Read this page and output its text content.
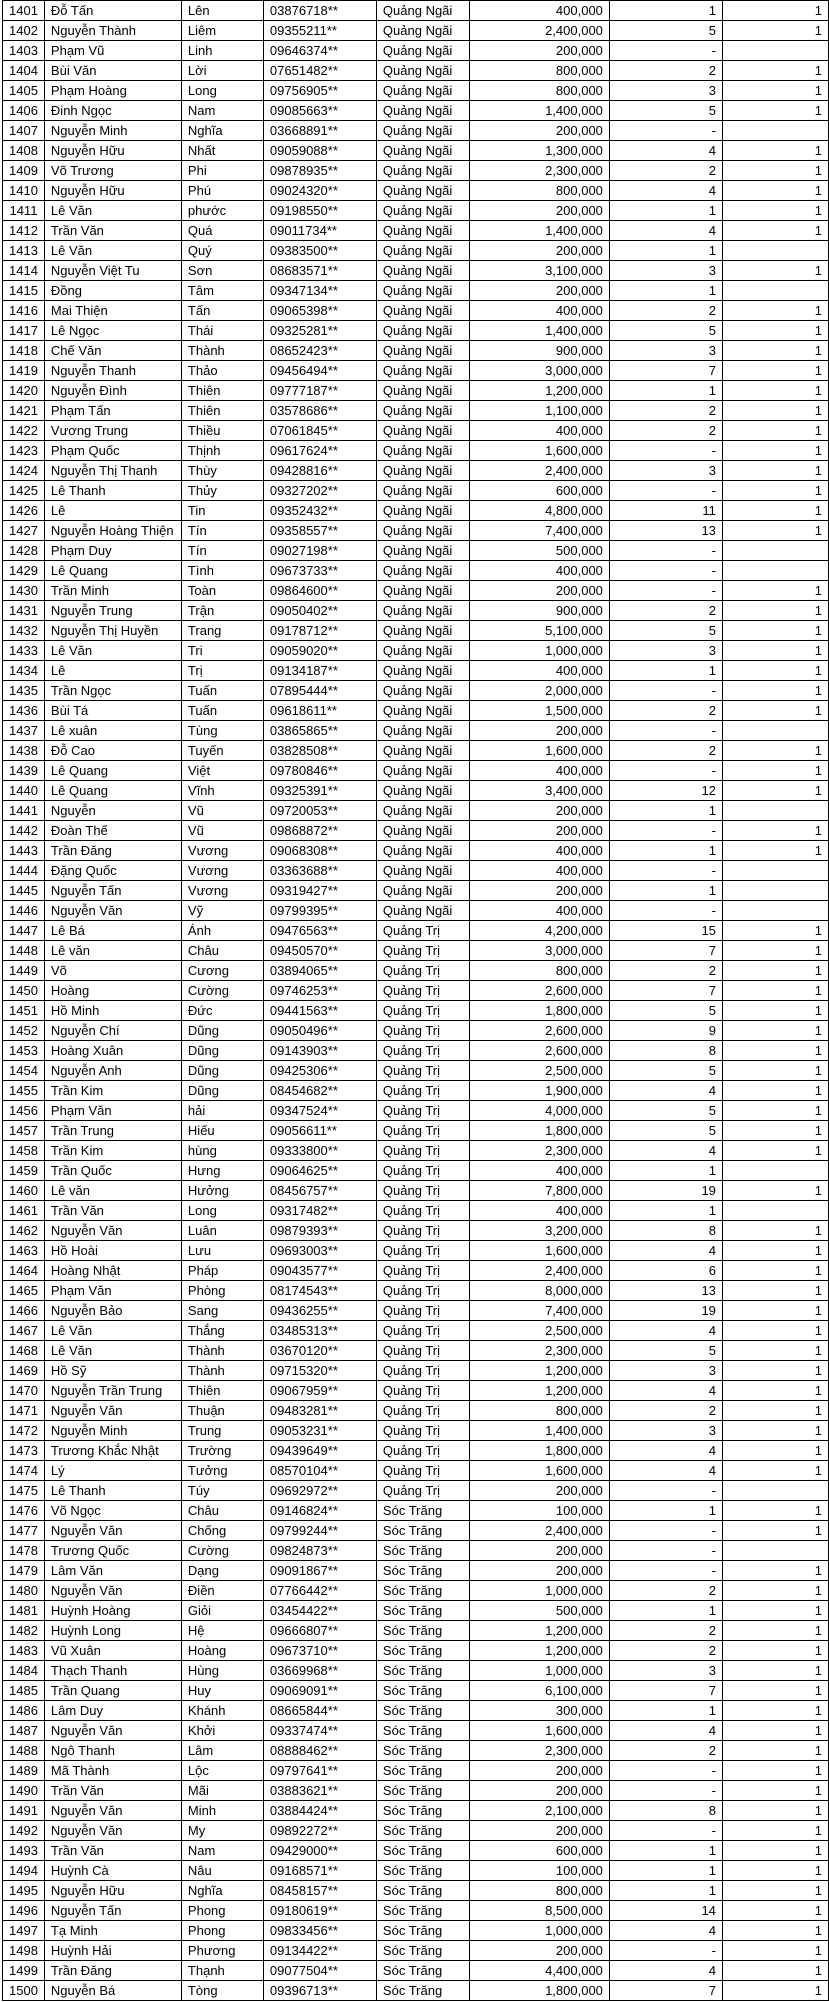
1401	Đỗ Tấn	Lên	03876718**	Quảng Ngãi	400,000	1	1
1402	Nguyễn Thành	Liêm	09355211**	Quảng Ngãi	2,400,000	5	1
1403	Phạm Vũ	Linh	09646374**	Quảng Ngãi	200,000	-	
1404	Bùi Văn	Lời	07651482**	Quảng Ngãi	800,000	2	1
1405	Phạm Hoàng	Long	09756905**	Quảng Ngãi	800,000	3	1
1406	Đinh Ngọc	Nam	09085663**	Quảng Ngãi	1,400,000	5	1
1407	Nguyễn Minh	Nghĩa	03668891**	Quảng Ngãi	200,000	-	
1408	Nguyễn Hữu	Nhất	09059088**	Quảng Ngãi	1,300,000	4	1
1409	Võ Trương	Phi	09878935**	Quảng Ngãi	2,300,000	2	1
1410	Nguyễn Hữu	Phú	09024320**	Quảng Ngãi	800,000	4	1
1411	Lê Văn	phước	09198550**	Quảng Ngãi	200,000	1	1
1412	Trần Văn	Quá	09011734**	Quảng Ngãi	1,400,000	4	1
1413	Lê Văn	Quý	09383500**	Quảng Ngãi	200,000	1	
1414	Nguyễn Việt Tu	Sơn	08683571**	Quảng Ngãi	3,100,000	3	1
1415	Đồng	Tâm	09347134**	Quảng Ngãi	200,000	1	
1416	Mai Thiện	Tấn	09065398**	Quảng Ngãi	400,000	2	1
1417	Lê Ngọc	Thái	09325281**	Quảng Ngãi	1,400,000	5	1
1418	Chế Văn	Thành	08652423**	Quảng Ngãi	900,000	3	1
1419	Nguyễn Thanh	Thảo	09456494**	Quảng Ngãi	3,000,000	7	1
1420	Nguyễn Đình	Thiên	09777187**	Quảng Ngãi	1,200,000	1	1
1421	Phạm Tấn	Thiên	03578686**	Quảng Ngãi	1,100,000	2	1
1422	Vương Trung	Thiều	07061845**	Quảng Ngãi	400,000	2	1
1423	Phạm Quốc	Thịnh	09617624**	Quảng Ngãi	1,600,000	-	1
1424	Nguyễn Thị Thanh	Thùy	09428816**	Quảng Ngãi	2,400,000	3	1
1425	Lê Thanh	Thủy	09327202**	Quảng Ngãi	600,000	-	1
1426	Lê	Tin	09352432**	Quảng Ngãi	4,800,000	11	1
1427	Nguyễn Hoàng Thiện	Tín	09358557**	Quảng Ngãi	7,400,000	13	1
1428	Phạm Duy	Tín	09027198**	Quảng Ngãi	500,000	-	
1429	Lê Quang	Tình	09673733**	Quảng Ngãi	400,000	-	
1430	Trần Minh	Toàn	09864600**	Quảng Ngãi	200,000	-	1
1431	Nguyễn Trung	Trận	09050402**	Quảng Ngãi	900,000	2	1
1432	Nguyễn Thị Huyền	Trang	09178712**	Quảng Ngãi	5,100,000	5	1
1433	Lê Văn	Tri	09059020**	Quảng Ngãi	1,000,000	3	1
1434	Lê	Trị	09134187**	Quảng Ngãi	400,000	1	1
1435	Trần Ngọc	Tuấn	07895444**	Quảng Ngãi	2,000,000	-	1
1436	Bùi Tá	Tuấn	09618611**	Quảng Ngãi	1,500,000	2	1
1437	Lê xuân	Tùng	03865865**	Quảng Ngãi	200,000	-	
1438	Đỗ Cao	Tuyến	03828508**	Quảng Ngãi	1,600,000	2	1
1439	Lê Quang	Việt	09780846**	Quảng Ngãi	400,000	-	1
1440	Lê Quang	Vĩnh	09325391**	Quảng Ngãi	3,400,000	12	1
1441	Nguyễn	Vũ	09720053**	Quảng Ngãi	200,000	1	
1442	Đoàn Thế	Vũ	09868872**	Quảng Ngãi	200,000	-	1
1443	Trần Đăng	Vương	09068308**	Quảng Ngãi	400,000	1	1
1444	Đặng Quốc	Vương	03363688**	Quảng Ngãi	400,000	-	
1445	Nguyễn Tấn	Vương	09319427**	Quảng Ngãi	200,000	1	
1446	Nguyễn Văn	Vỹ	09799395**	Quảng Ngãi	400,000	-	
1447	Lê Bá	Ánh	09476563**	Quảng Trị	4,200,000	15	1
1448	Lê văn	Châu	09450570**	Quảng Trị	3,000,000	7	1
1449	Võ	Cương	03894065**	Quảng Trị	800,000	2	1
1450	Hoàng	Cường	09746253**	Quảng Trị	2,600,000	7	1
1451	Hồ Minh	Đức	09441563**	Quảng Trị	1,800,000	5	1
1452	Nguyễn Chí	Dũng	09050496**	Quảng Trị	2,600,000	9	1
1453	Hoàng Xuân	Dũng	09143903**	Quảng Trị	2,600,000	8	1
1454	Nguyễn Anh	Dũng	09425306**	Quảng Trị	2,500,000	5	1
1455	Trần Kim	Dũng	08454682**	Quảng Trị	1,900,000	4	1
1456	Phạm Văn	hải	09347524**	Quảng Trị	4,000,000	5	1
1457	Trần Trung	Hiếu	09056611**	Quảng Trị	1,800,000	5	1
1458	Trần Kim	hùng	09333800**	Quảng Trị	2,300,000	4	1
1459	Trần Quốc	Hưng	09064625**	Quảng Trị	400,000	1	
1460	Lê văn	Hưởng	08456757**	Quảng Trị	7,800,000	19	1
1461	Trần Văn	Long	09317482**	Quảng Trị	400,000	1	
1462	Nguyễn Văn	Luân	09879393**	Quảng Trị	3,200,000	8	1
1463	Hồ Hoài	Lưu	09693003**	Quảng Trị	1,600,000	4	1
1464	Hoàng Nhật	Pháp	09043577**	Quảng Trị	2,400,000	6	1
1465	Phạm Văn	Phòng	08174543**	Quảng Trị	8,000,000	13	1
1466	Nguyễn Bảo	Sang	09436255**	Quảng Trị	7,400,000	19	1
1467	Lê Văn	Thắng	03485313**	Quảng Trị	2,500,000	4	1
1468	Lê Văn	Thành	03670120**	Quảng Trị	2,300,000	5	1
1469	Hồ Sỹ	Thành	09715320**	Quảng Trị	1,200,000	3	1
1470	Nguyễn Trần Trung	Thiên	09067959**	Quảng Trị	1,200,000	4	1
1471	Nguyễn Văn	Thuận	09483281**	Quảng Trị	800,000	2	1
1472	Nguyễn Minh	Trung	09053231**	Quảng Trị	1,400,000	3	1
1473	Trương Khắc Nhật	Trường	09439649**	Quảng Trị	1,800,000	4	1
1474	Lý	Tưởng	08570104**	Quảng Trị	1,600,000	4	1
1475	Lê Thanh	Túy	09692972**	Quảng Trị	200,000	-	
1476	Võ Ngọc	Châu	09146824**	Sóc Trăng	100,000	1	1
1477	Nguyễn Văn	Chống	09799244**	Sóc Trăng	2,400,000	-	1
1478	Trương Quốc	Cường	09824873**	Sóc Trăng	200,000	-	
1479	Lâm Văn	Dạng	09091867**	Sóc Trăng	200,000	-	1
1480	Nguyễn Văn	Điền	07766442**	Sóc Trăng	1,000,000	2	1
1481	Huỳnh Hoàng	Giỏi	03454422**	Sóc Trăng	500,000	1	1
1482	Huỳnh Long	Hệ	09666807**	Sóc Trăng	1,200,000	2	1
1483	Vũ Xuân	Hoàng	09673710**	Sóc Trăng	1,200,000	2	1
1484	Thạch Thanh	Hùng	03669968**	Sóc Trăng	1,000,000	3	1
1485	Trần Quang	Huy	09069091**	Sóc Trăng	6,100,000	7	1
1486	Lâm Duy	Khánh	08665844**	Sóc Trăng	300,000	1	1
1487	Nguyễn Văn	Khởi	09337474**	Sóc Trăng	1,600,000	4	1
1488	Ngô Thanh	Lâm	08888462**	Sóc Trăng	2,300,000	2	1
1489	Mã Thành	Lộc	09797641**	Sóc Trăng	200,000	-	1
1490	Trần Văn	Mãi	03883621**	Sóc Trăng	200,000	-	1
1491	Nguyễn Văn	Minh	03884424**	Sóc Trăng	2,100,000	8	1
1492	Nguyễn Văn	My	09892272**	Sóc Trăng	200,000	-	1
1493	Trần Văn	Nam	09429000**	Sóc Trăng	600,000	1	1
1494	Huỳnh Cà	Nâu	09168571**	Sóc Trăng	100,000	1	1
1495	Nguyễn Hữu	Nghĩa	08458157**	Sóc Trăng	800,000	1	1
1496	Nguyễn Tấn	Phong	09180619**	Sóc Trăng	8,500,000	14	1
1497	Tạ Minh	Phong	09833456**	Sóc Trăng	1,000,000	4	1
1498	Huỳnh Hải	Phương	09134422**	Sóc Trăng	200,000	-	1
1499	Trần Đăng	Thạnh	09077504**	Sóc Trăng	4,400,000	4	1
1500	Nguyễn Bá	Tòng	09396713**	Sóc Trăng	1,800,000	7	1
